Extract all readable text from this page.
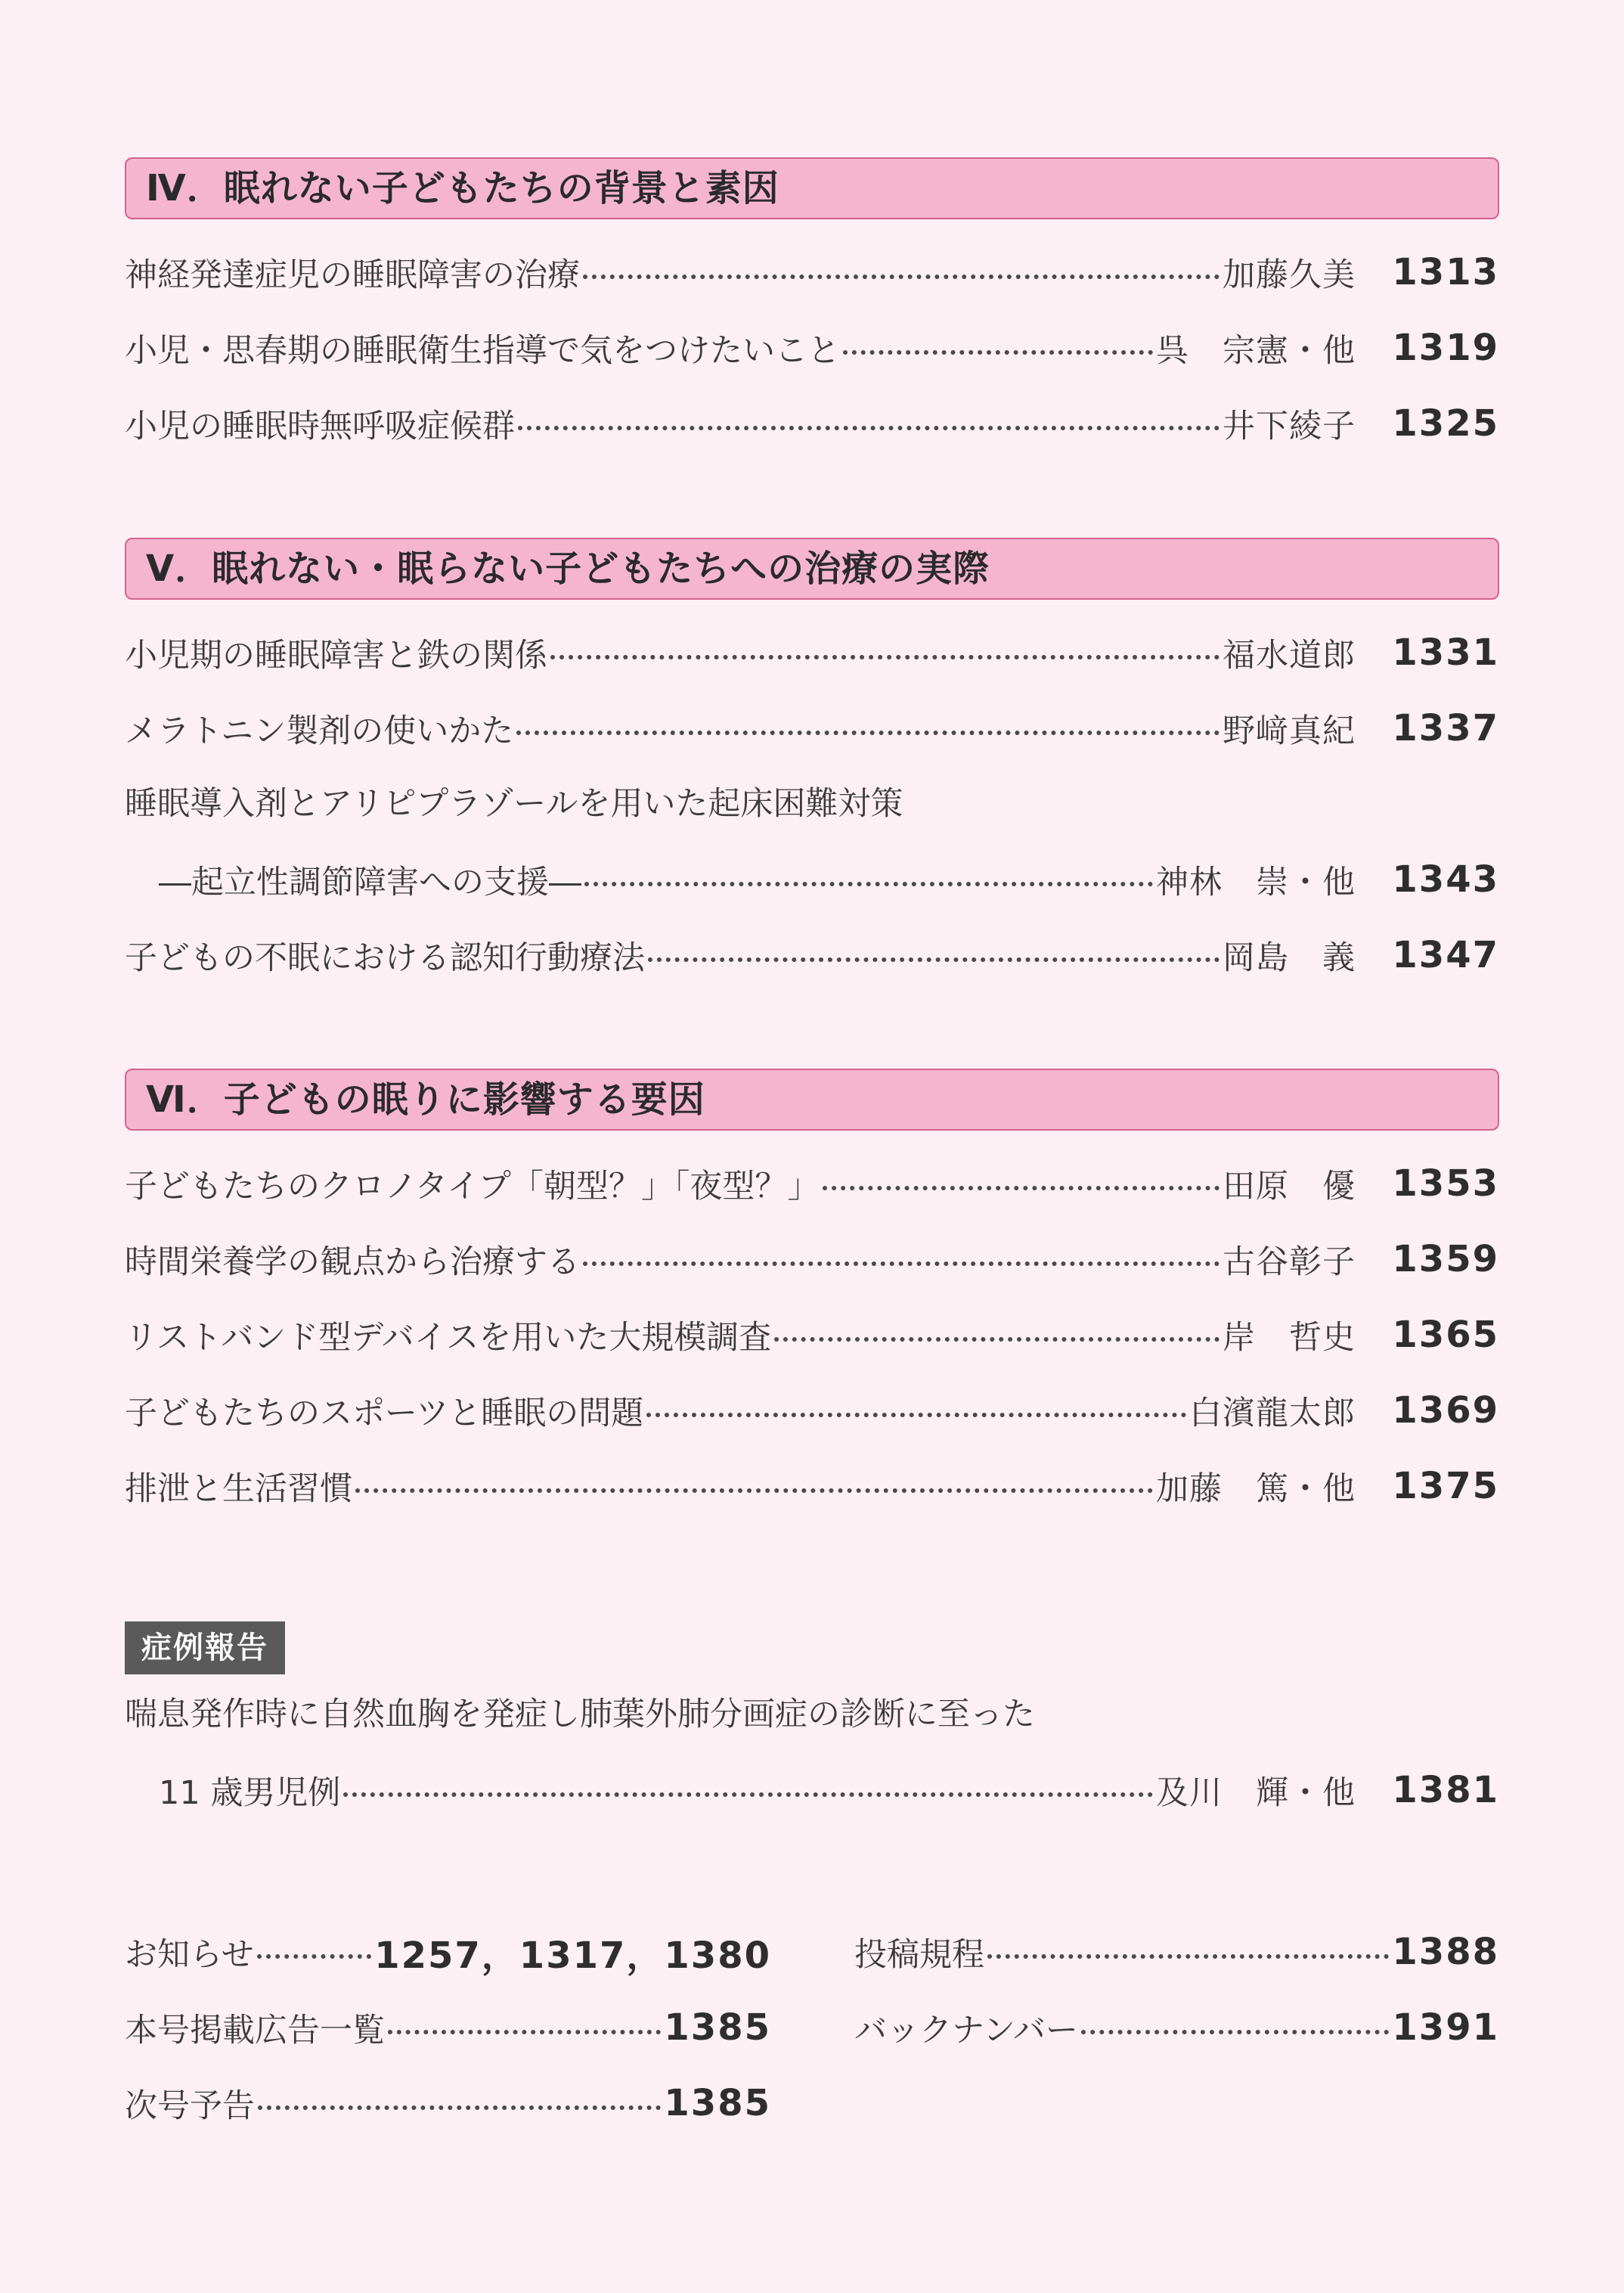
Ⅳ．眠れない子どもたちの背景と素因
神経発達症児の睡眠障害の治療	加藤久美	1313
小児・思春期の睡眠衛生指導で気をつけたいこと	呉　宗憲・他	1319
小児の睡眠時無呼吸症候群	井下綾子	1325
Ⅴ．眠れない・眠らない子どもたちへの治療の実際
小児期の睡眠障害と鉄の関係	福水道郎	1331
メラトニン製剤の使いかた	野﨑真紀	1337
睡眠導入剤とアリピプラゾールを用いた起床困難対策
―起立性調節障害への支援―	神林　崇・他	1343
子どもの不眠における認知行動療法	岡島　義	1347
Ⅵ．子どもの眠りに影響する要因
子どもたちのクロノタイプ「朝型？」「夜型？」	田原　優	1353
時間栄養学の観点から治療する	古谷彰子	1359
リストバンド型デバイスを用いた大規模調査	岸　哲史	1365
子どもたちのスポーツと睡眠の問題	白濱龍太郎	1369
排泄と生活習慣	加藤　篤・他	1375
症例報告
喘息発作時に自然血胸を発症し肺葉外肺分画症の診断に至った
11 歳男児例	及川　輝・他	1381
お知らせ	1257，1317，1380
本号掲載広告一覧	1385
次号予告	1385
投稿規程	1388
バックナンバー	1391
